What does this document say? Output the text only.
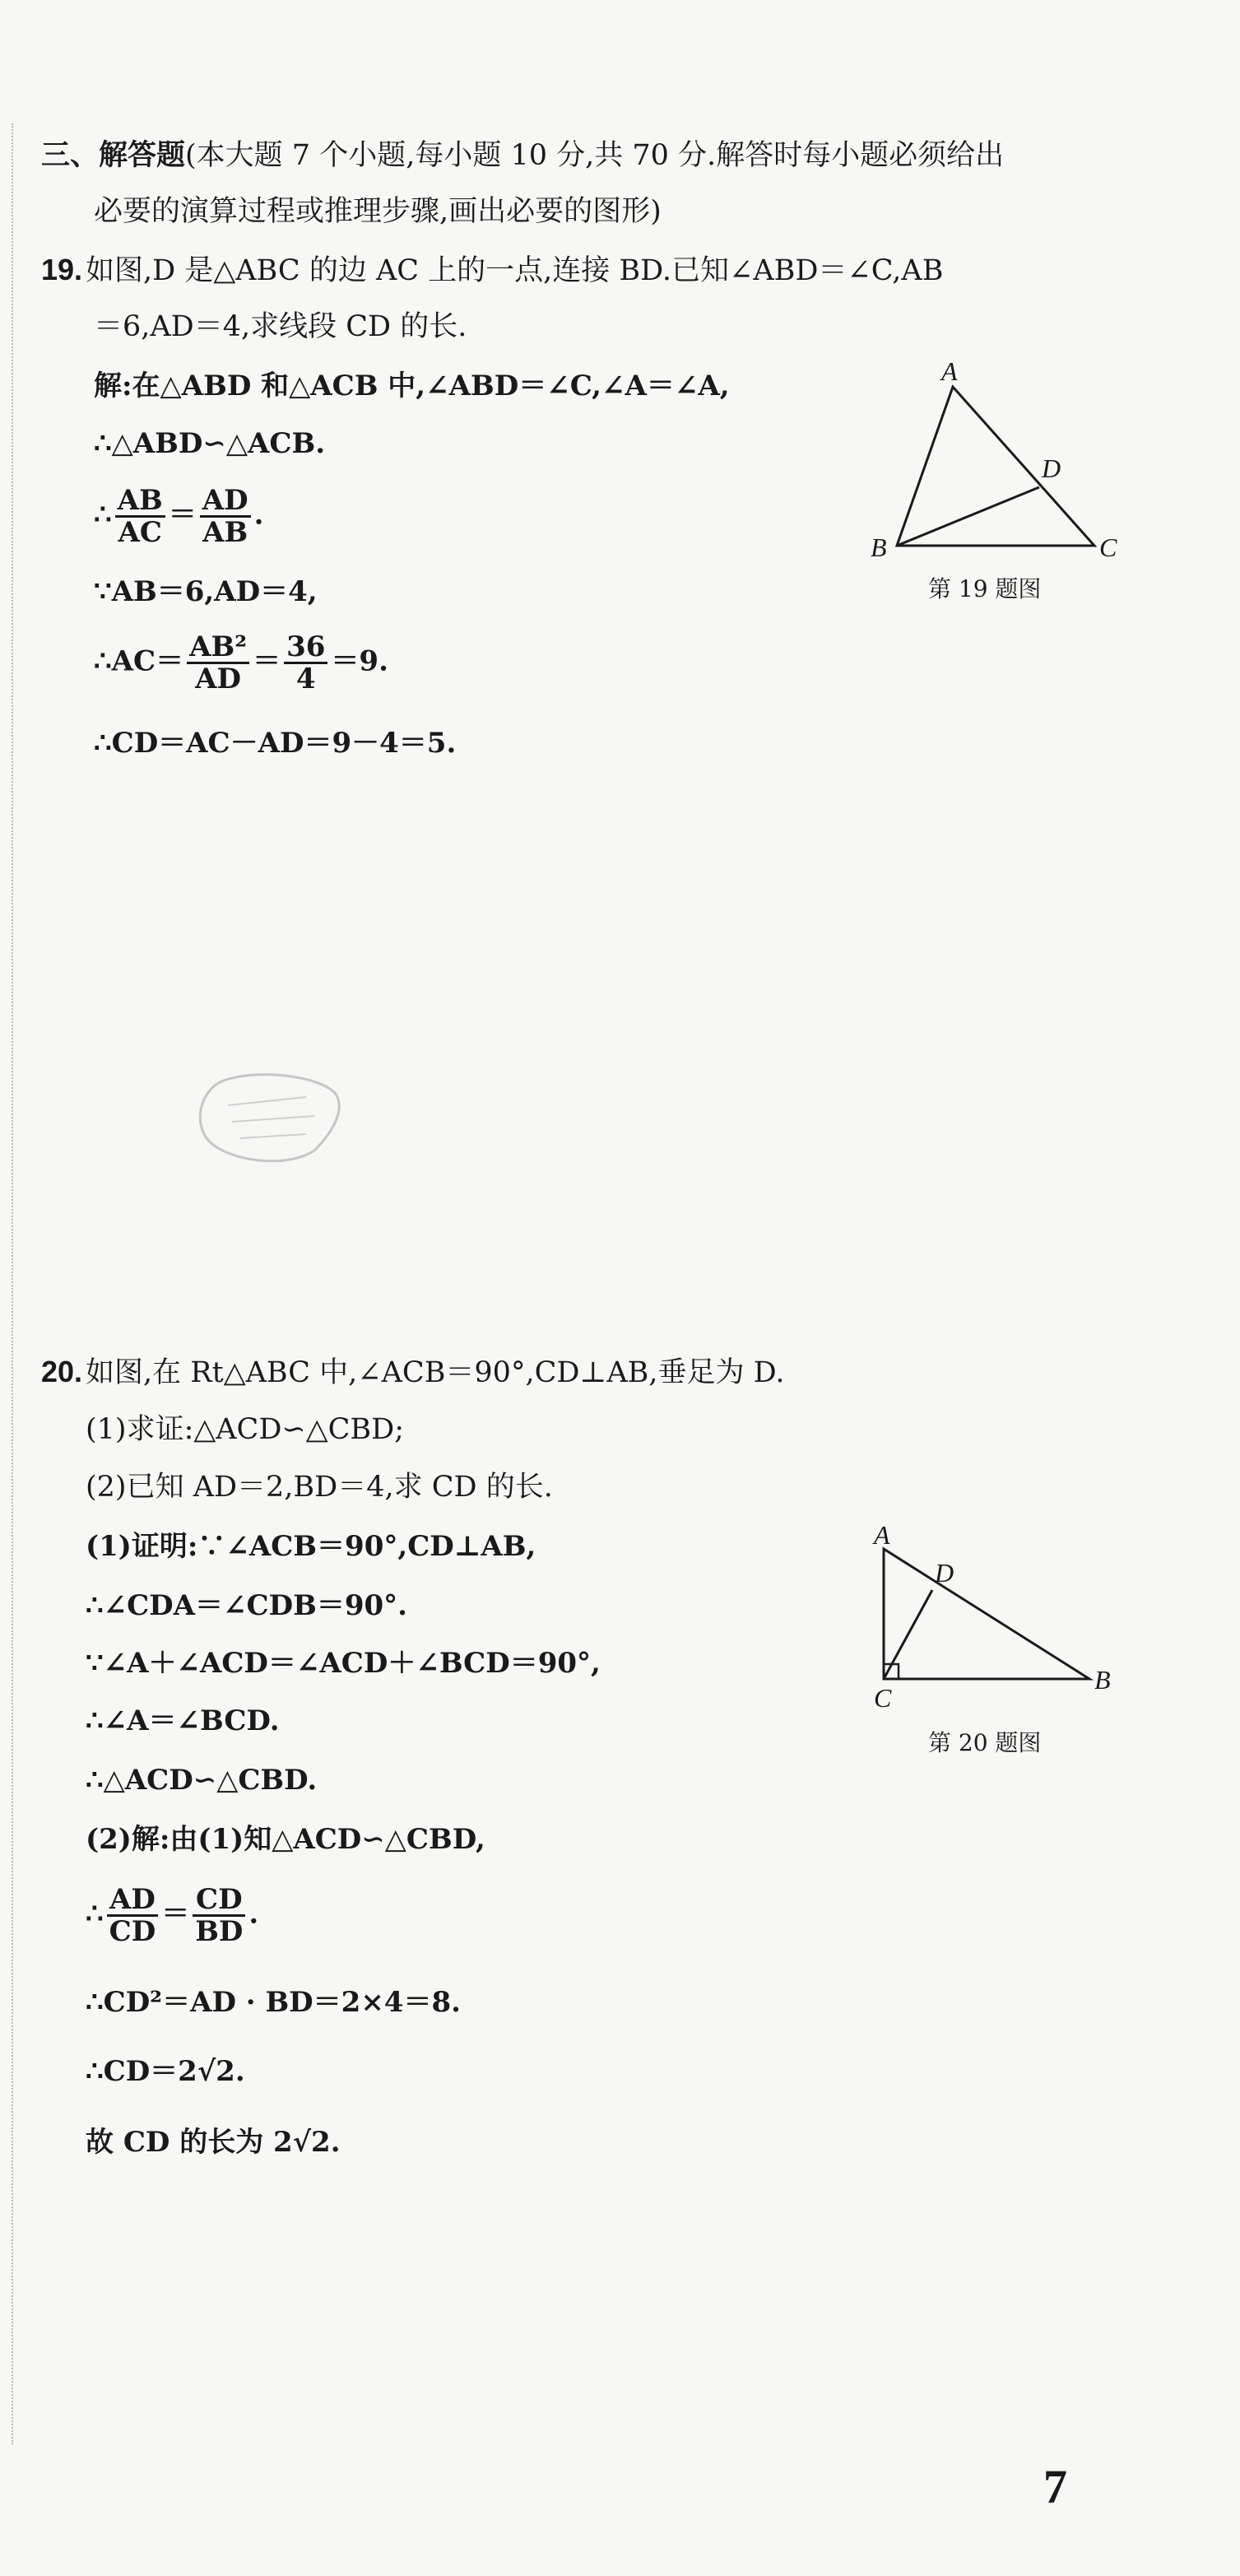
三、解答题(本大题 7 个小题,每小题 10 分,共 70 分.解答时每小题必须给出
必要的演算过程或推理步骤,画出必要的图形)
19. 如图,D 是△ABC 的边 AC 上的一点,连接 BD.已知∠ABD＝∠C,AB
＝6,AD＝4,求线段 CD 的长.
解:在△ABD 和△ACB 中,∠ABD＝∠C,∠A＝∠A,
∴△ABD∽△ACB.
∴ $\frac{AB}{AC} = \frac{AD}{AB}$ .
∵AB＝6,AD＝4,
∴AC＝ $\frac{\text{AB²}}{AD} = \frac{36}{4} =9$.
∴CD＝AC－AD＝9－4＝5.
A
B	C
D
第 19 题图
20. 如图,在 Rt△ABC 中,∠ACB＝90°,CD⊥AB,垂足为 D.
(1)求证:△ACD∽△CBD;
(2)已知 AD＝2,BD＝4,求 CD 的长.
(1)证明:∵∠ACB＝90°,CD⊥AB,
∴∠CDA＝∠CDB＝90°.
∵∠A＋∠ACD＝∠ACD＋∠BCD＝90°,
∴∠A＝∠BCD.
∴△ACD∽△CBD.
(2)解:由(1)知△ACD∽△CBD,
∴ $\frac{AD}{CD} = \frac{CD}{BD}$ .
∴CD²＝AD · BD＝2×4＝8.
∴CD＝2√2.
故 CD 的长为 2√2.
A
D
C
B
第 20 题图
7
